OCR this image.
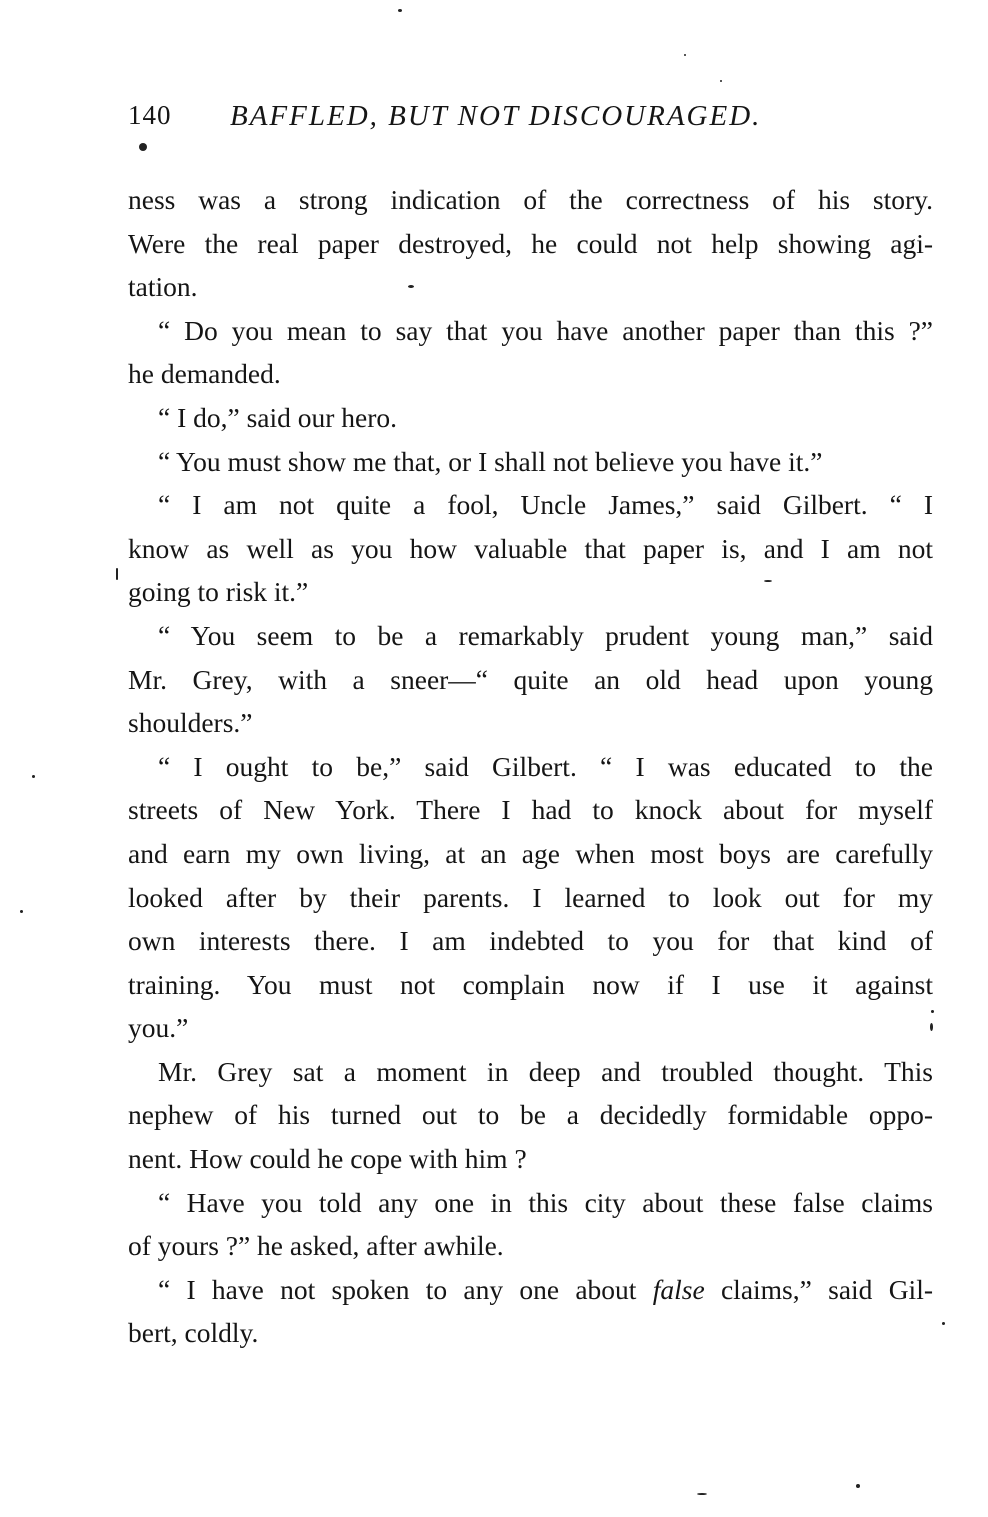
140 BAFFLED, BUT NOT DISCOURAGED.

ness was a strong indication of the correctness of his story.

Were the real paper destroyed, he could not help showing agi-

tation.

“ Do you mean to say that you have another paper than this ?”

he demanded.

“ I do,” said our hero.

“ You must show me that, or I shall not believe you have it.”

“ I am not quite a fool, Uncle James,” said Gilbert. “ I

know as well as you how valuable that paper is, and I am not

going to risk it.”

“ You seem to be a remarkably prudent young man,” said

Mr. Grey, with a sneer—“ quite an old head upon young

shoulders.”

“ I ought to be,” said Gilbert. “ I was educated to the

streets of New York. There I had to knock about for myself

and earn my own living, at an age when most boys are carefully

looked after by their parents. I learned to look out for my

own interests there. I am indebted to you for that kind of

training. You must not complain now if I use it against

you.”

Mr. Grey sat a moment in deep and troubled thought. This

nephew of his turned out to be a decidedly formidable oppo-

nent. How could he cope with him ?

“ Have you told any one in this city about these false claims

of yours ?” he asked, after awhile.

“ I have not spoken to any one about false claims,” said Gil-

bert, coldly.
